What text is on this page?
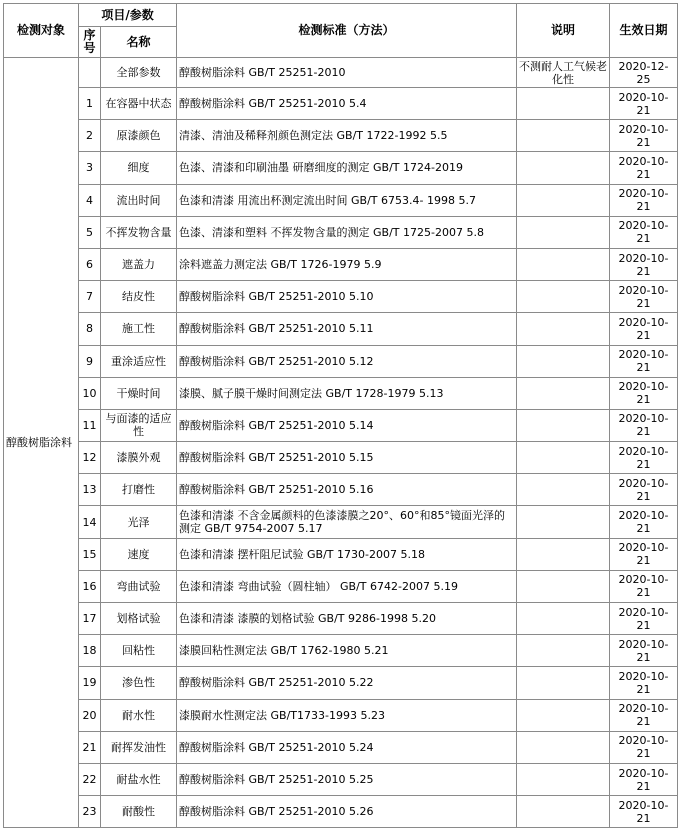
检测对象	项目/参数		检测标准（方法）	说明	生效日期
	序号	名称			
醇酸树脂涂料		全部参数	醇酸树脂涂料 GB/T 25251-2010	不测耐人工气候老化性	2020-12-25
	1	在容器中状态	醇酸树脂涂料 GB/T 25251-2010 5.4		2020-10-21
	2	原漆颜色	清漆、清油及稀释剂颜色测定法 GB/T 1722-1992 5.5		2020-10-21
	3	细度	色漆、清漆和印刷油墨 研磨细度的测定 GB/T 1724-2019		2020-10-21
	4	流出时间	色漆和清漆 用流出杯测定流出时间 GB/T 6753.4- 1998 5.7		2020-10-21
	5	不挥发物含量	色漆、清漆和塑料 不挥发物含量的测定 GB/T 1725-2007 5.8		2020-10-21
	6	遮盖力	涂料遮盖力测定法 GB/T 1726-1979 5.9		2020-10-21
	7	结皮性	醇酸树脂涂料 GB/T 25251-2010 5.10		2020-10-21
	8	施工性	醇酸树脂涂料 GB/T 25251-2010 5.11		2020-10-21
	9	重涂适应性	醇酸树脂涂料 GB/T 25251-2010 5.12		2020-10-21
	10	干燥时间	漆膜、腻子膜干燥时间测定法 GB/T 1728-1979 5.13		2020-10-21
	11	与面漆的适应性	醇酸树脂涂料 GB/T 25251-2010 5.14		2020-10-21
	12	漆膜外观	醇酸树脂涂料 GB/T 25251-2010 5.15		2020-10-21
	13	打磨性	醇酸树脂涂料 GB/T 25251-2010 5.16		2020-10-21
	14	光泽	色漆和清漆 不含金属颜料的色漆漆膜之20°、60°和85°镜面光泽的测定 GB/T 9754-2007 5.17		2020-10-21
	15	速度	色漆和清漆 摆杆阻尼试验 GB/T 1730-2007 5.18		2020-10-21
	16	弯曲试验	色漆和清漆 弯曲试验（圆柱轴） GB/T 6742-2007 5.19		2020-10-21
	17	划格试验	色漆和清漆 漆膜的划格试验 GB/T 9286-1998 5.20		2020-10-21
	18	回粘性	漆膜回粘性测定法 GB/T 1762-1980 5.21		2020-10-21
	19	渗色性	醇酸树脂涂料 GB/T 25251-2010 5.22		2020-10-21
	20	耐水性	漆膜耐水性测定法 GB/T1733-1993 5.23		2020-10-21
	21	耐挥发油性	醇酸树脂涂料 GB/T 25251-2010 5.24		2020-10-21
	22	耐盐水性	醇酸树脂涂料 GB/T 25251-2010 5.25		2020-10-21
	23	耐酸性	醇酸树脂涂料 GB/T 25251-2010 5.26		2020-10-21
